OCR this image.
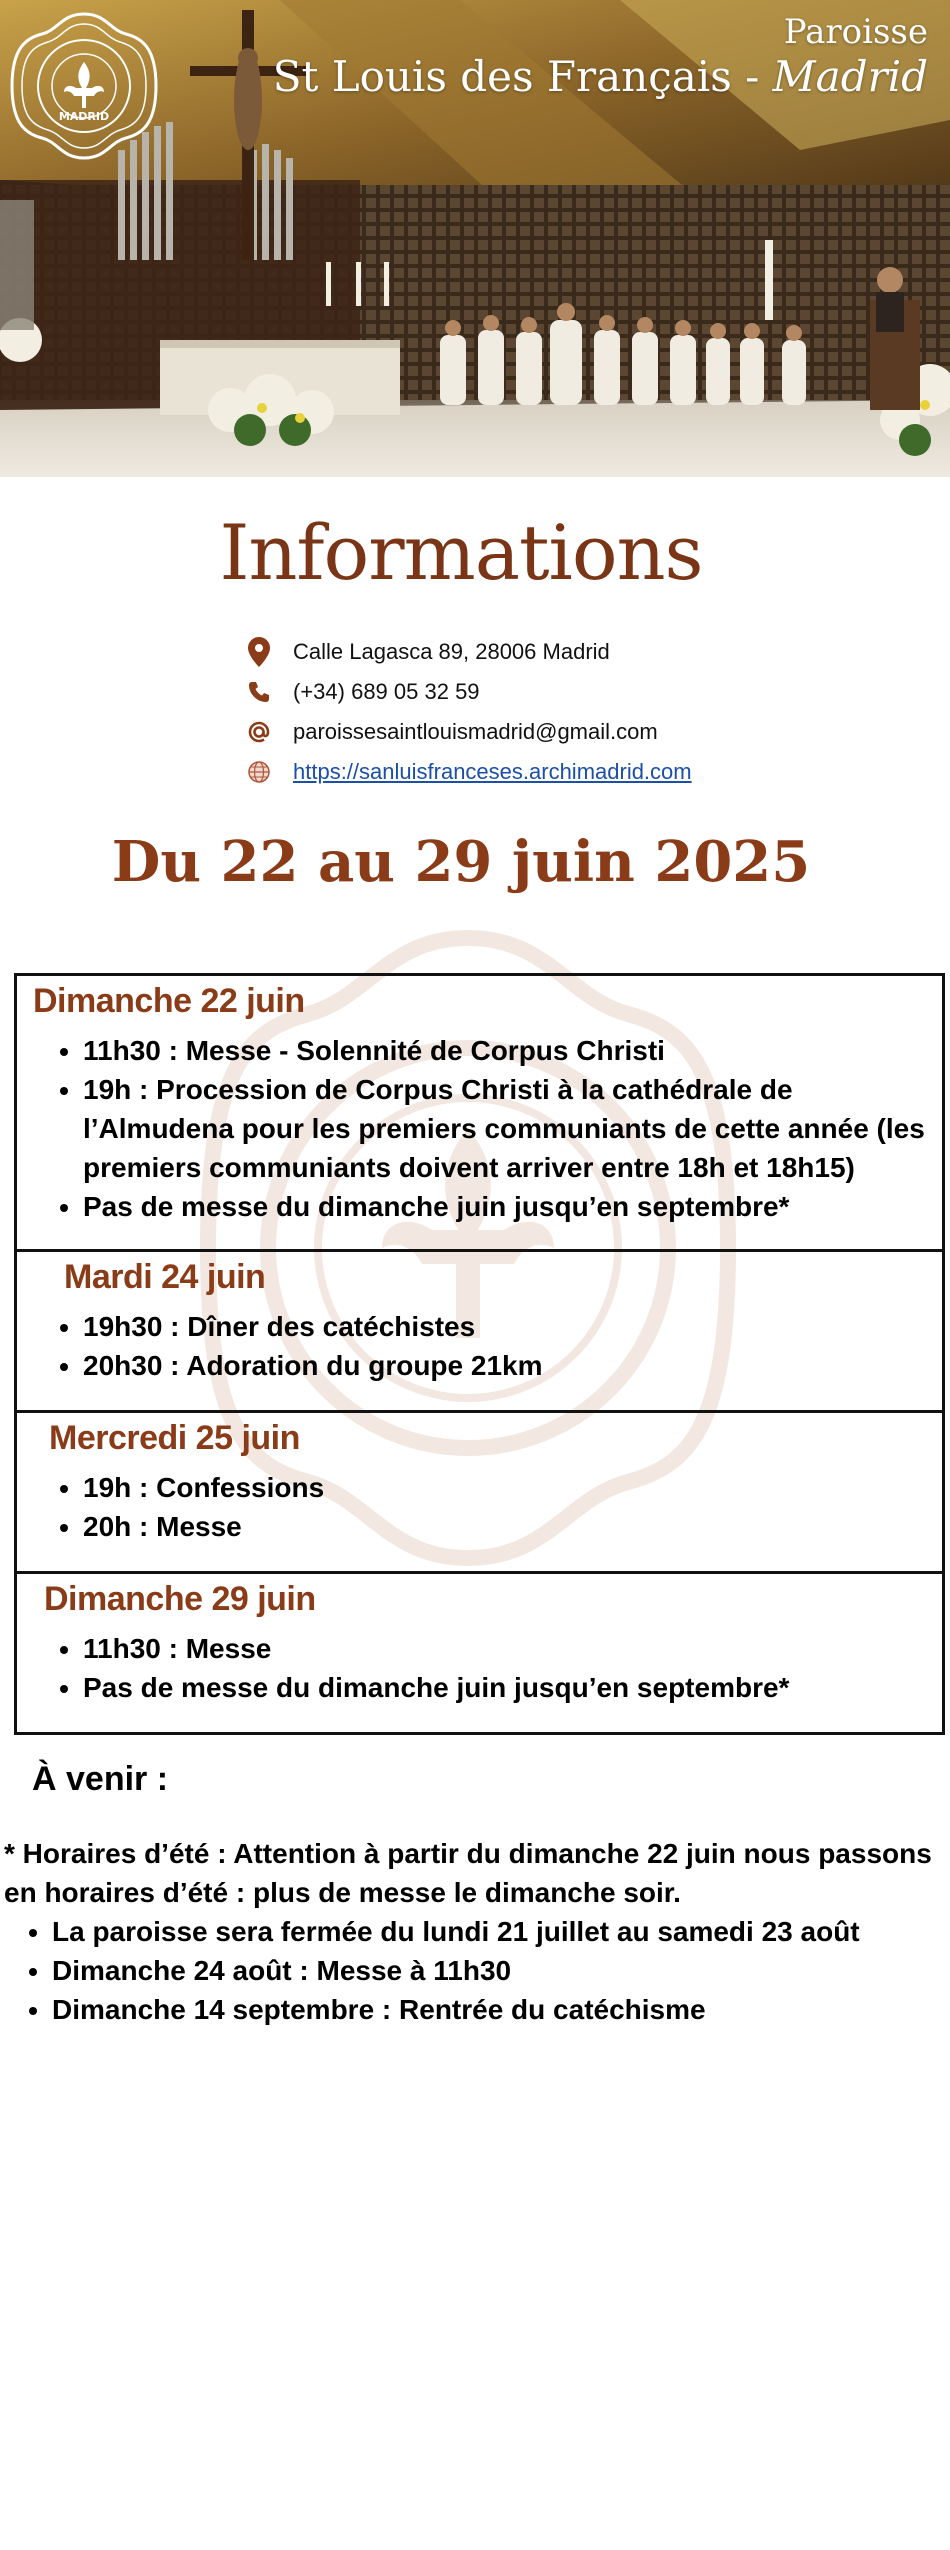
MADRID
Paroisse
St Louis des Français - Madrid
Informations
Calle Lagasca 89, 28006 Madrid
(+34) 689 05 32 59
paroissesaintlouismadrid@gmail.com
https://sanluisfranceses.archimadrid.com
Du 22 au 29 juin 2025
Dimanche 22 juin
• 11h30 : Messe - Solennité de Corpus Christi
• 19h : Procession de Corpus Christi à la cathédrale de l’Almudena pour les premiers communiants de cette année (les premiers communiants doivent arriver entre 18h et 18h15)
• Pas de messe du dimanche juin jusqu’en septembre*
Mardi 24 juin
• 19h30 : Dîner des catéchistes
• 20h30 : Adoration du groupe 21km
Mercredi 25 juin
• 19h : Confessions
• 20h : Messe
Dimanche 29 juin
• 11h30 : Messe
• Pas de messe du dimanche juin jusqu’en septembre*
À venir :
* Horaires d’été : Attention à partir du dimanche 22 juin nous passons en horaires d’été : plus de messe le dimanche soir.
• La paroisse sera fermée du lundi 21 juillet au samedi 23 août
• Dimanche 24 août : Messe à 11h30
• Dimanche 14 septembre : Rentrée du catéchisme
